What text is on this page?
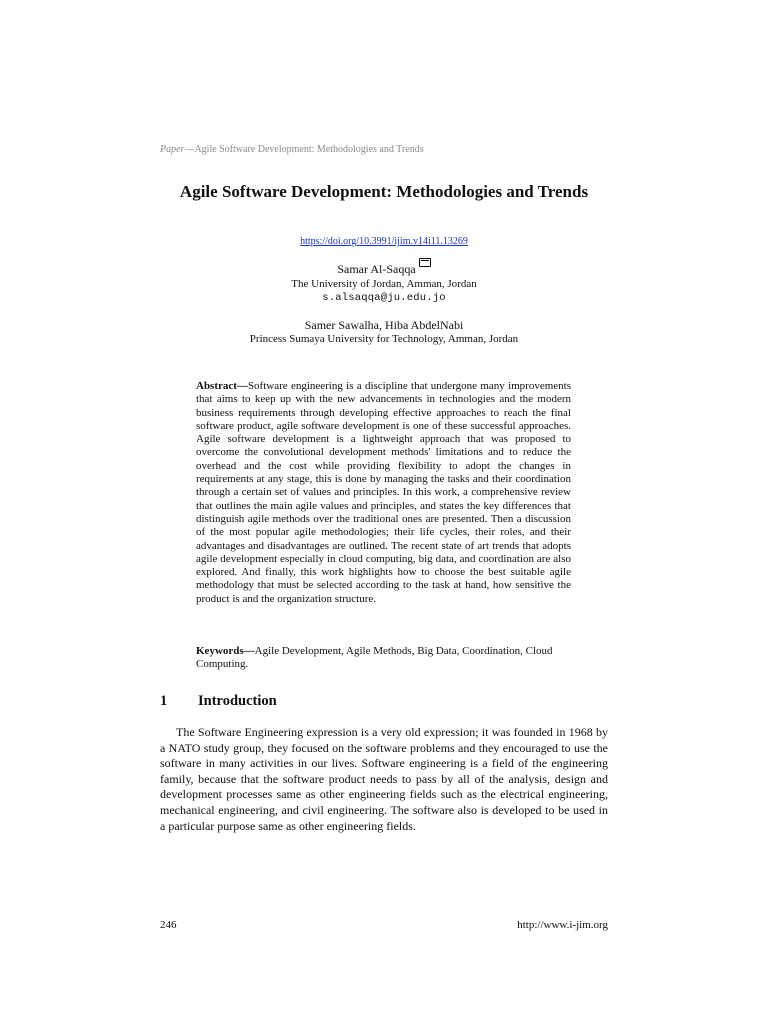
Paper—Agile Software Development: Methodologies and Trends
Agile Software Development: Methodologies and Trends
https://doi.org/10.3991/ijim.v14i11.13269
Samar Al-Saqqa
The University of Jordan, Amman, Jordan
s.alsaqqa@ju.edu.jo
Samer Sawalha, Hiba AbdelNabi
Princess Sumaya University for Technology, Amman, Jordan
Abstract—Software engineering is a discipline that undergone many improvements that aims to keep up with the new advancements in technologies and the modern business requirements through developing effective approaches to reach the final software product, agile software development is one of these successful approaches. Agile software development is a lightweight approach that was proposed to overcome the convolutional development methods' limitations and to reduce the overhead and the cost while providing flexibility to adopt the changes in requirements at any stage, this is done by managing the tasks and their coordination through a certain set of values and principles. In this work, a comprehensive review that outlines the main agile values and principles, and states the key differences that distinguish agile methods over the traditional ones are presented. Then a discussion of the most popular agile methodologies; their life cycles, their roles, and their advantages and disadvantages are outlined. The recent state of art trends that adopts agile development especially in cloud computing, big data, and coordination are also explored. And finally, this work highlights how to choose the best suitable agile methodology that must be selected according to the task at hand, how sensitive the product is and the organization structure.
Keywords—Agile Development, Agile Methods, Big Data, Coordination, Cloud Computing.
1 Introduction
The Software Engineering expression is a very old expression; it was founded in 1968 by a NATO study group, they focused on the software problems and they encouraged to use the software in many activities in our lives. Software engineering is a field of the engineering family, because that the software product needs to pass by all of the analysis, design and development processes same as other engineering fields such as the electrical engineering, mechanical engineering, and civil engineering. The software also is developed to be used in a particular purpose same as other engineering fields.
246	http://www.i-jim.org
